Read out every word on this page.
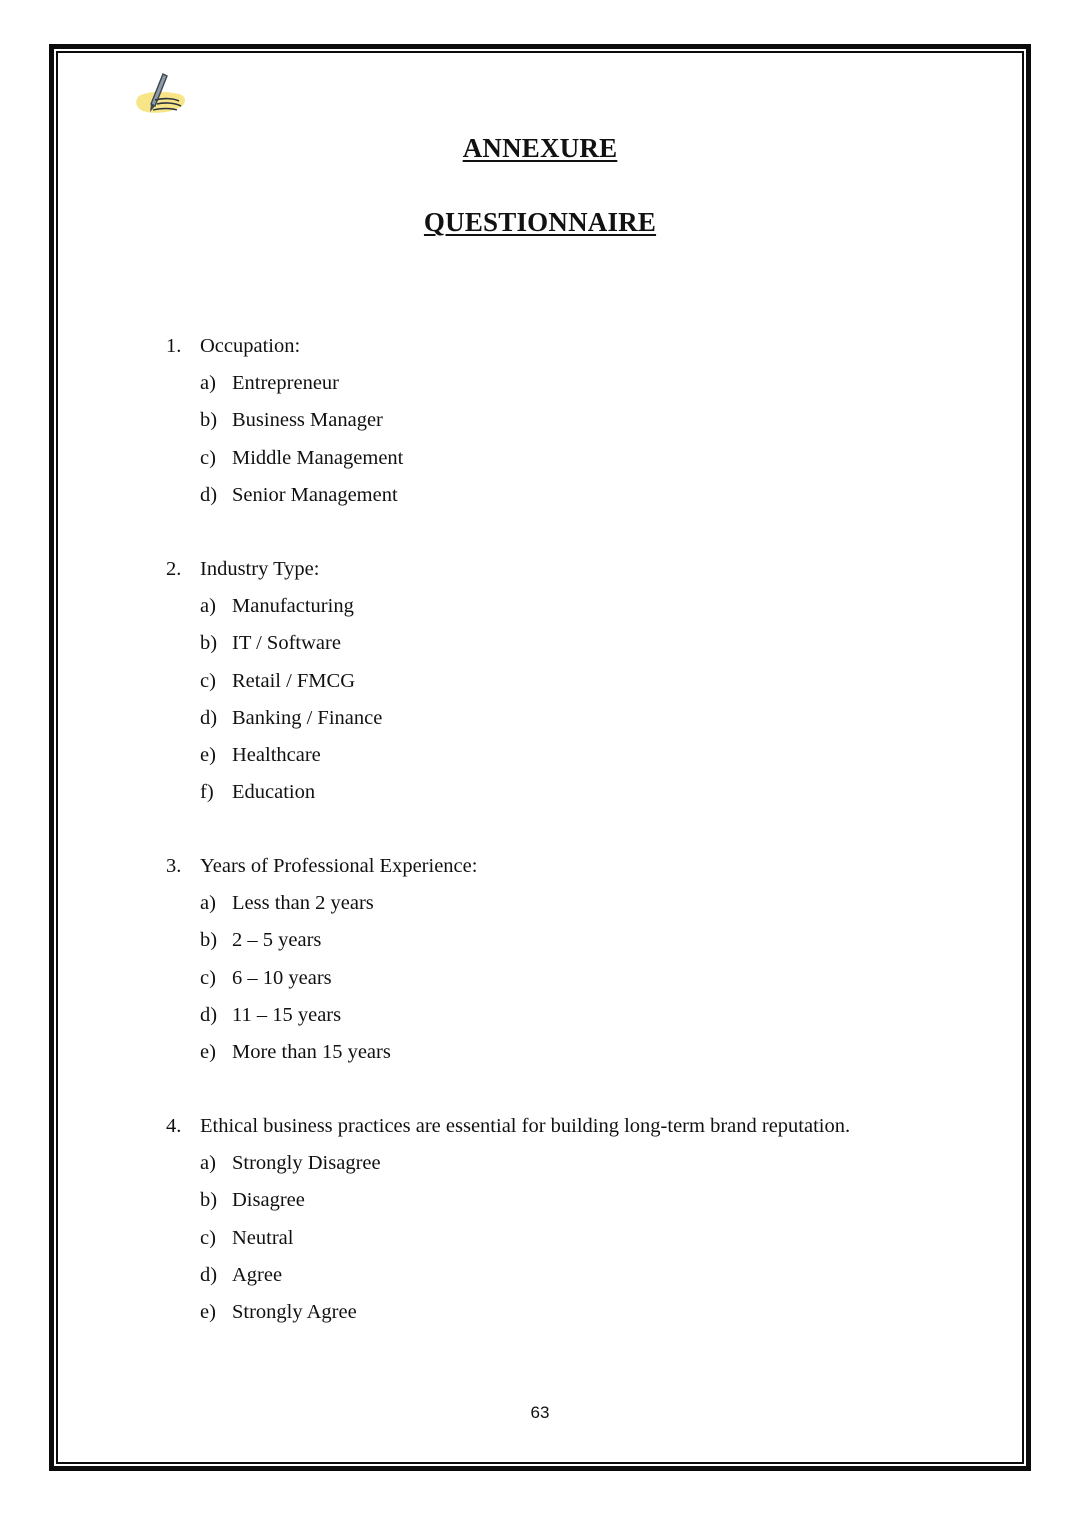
ANNEXURE
QUESTIONNAIRE
1. Occupation:
a) Entrepreneur
b) Business Manager
c) Middle Management
d) Senior Management
2. Industry Type:
a) Manufacturing
b) IT / Software
c) Retail / FMCG
d) Banking / Finance
e) Healthcare
f) Education
3. Years of Professional Experience:
a) Less than 2 years
b) 2 – 5 years
c) 6 – 10 years
d) 11 – 15 years
e) More than 15 years
4. Ethical business practices are essential for building long-term brand reputation.
a) Strongly Disagree
b) Disagree
c) Neutral
d) Agree
e) Strongly Agree
63
